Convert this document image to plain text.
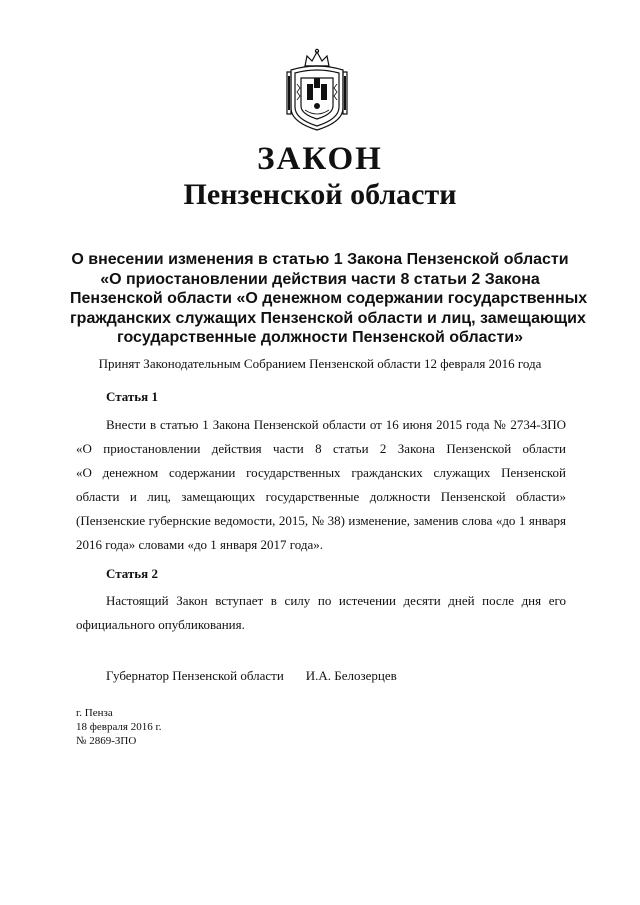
ЗАКОН
Пензенской области
О внесении изменения в статью 1 Закона Пензенской области
«О приостановлении действия части 8 статьи 2 Закона
Пензенской области «О денежном содержании государственных
гражданских служащих Пензенской области и лиц, замещающих
государственные должности Пензенской области»
Принят Законодательным Собранием Пензенской области 12 февраля 2016 года
Статья 1
Внести в статью 1 Закона Пензенской области от 16 июня 2015 года № 2734-ЗПО
«О приостановлении действия части 8 статьи 2 Закона Пензенской области
«О денежном содержании государственных гражданских служащих Пензенской
области и лиц, замещающих государственные должности Пензенской области»
(Пензенские губернские ведомости, 2015, № 38) изменение, заменив слова «до 1 января
2016 года» словами «до 1 января 2017 года».
Статья 2
Настоящий Закон вступает в силу по истечении десяти дней после дня его
официального опубликования.
Губернатор Пензенской области И.А. Белозерцев
г. Пенза
18 февраля 2016 г.
№ 2869-ЗПО
